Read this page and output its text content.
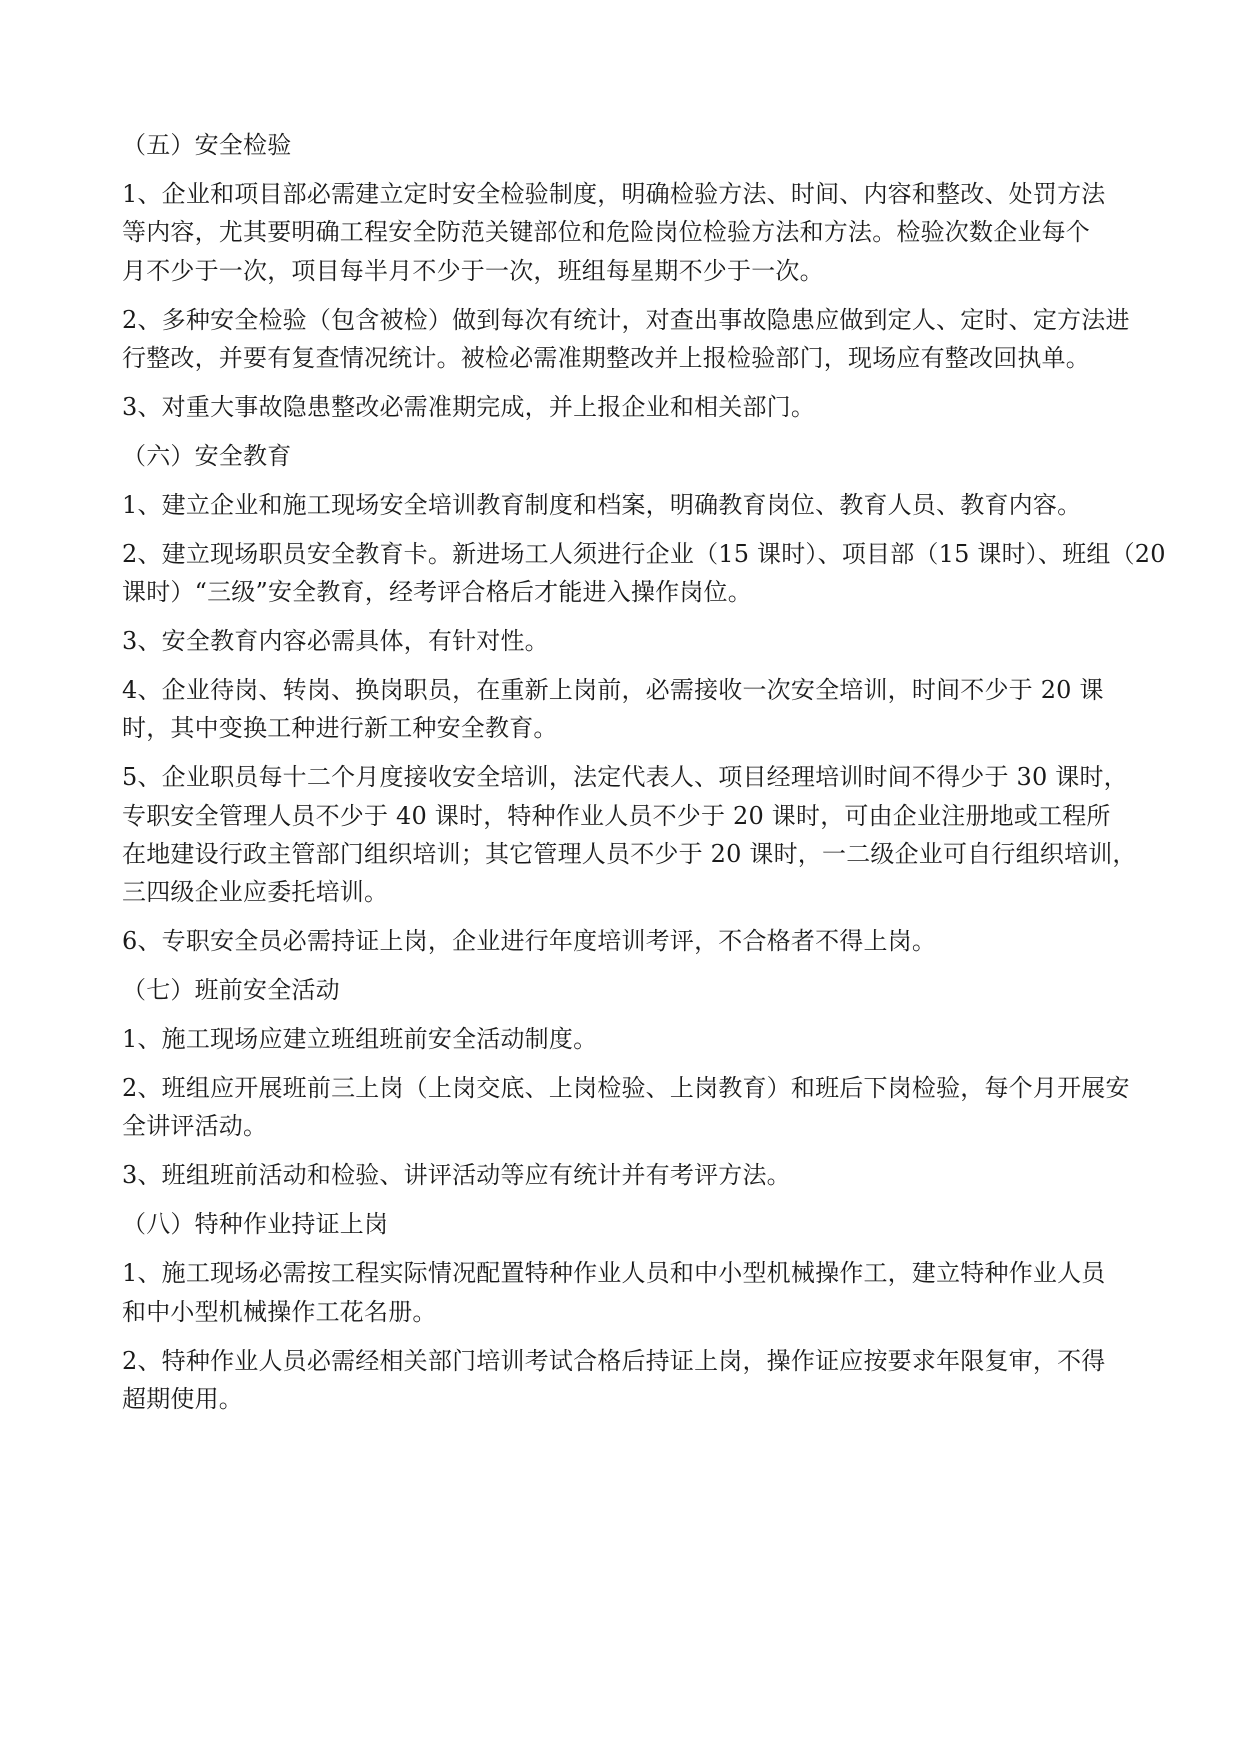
（五）安全检验

1、企业和项目部必需建立定时安全检验制度，明确检验方法、时间、内容和整改、处罚方法
等内容，尤其要明确工程安全防范关键部位和危险岗位检验方法和方法。检验次数企业每个
月不少于一次，项目每半月不少于一次，班组每星期不少于一次。

2、多种安全检验（包含被检）做到每次有统计，对查出事故隐患应做到定人、定时、定方法进
行整改，并要有复查情况统计。被检必需准期整改并上报检验部门，现场应有整改回执单。

3、对重大事故隐患整改必需准期完成，并上报企业和相关部门。

（六）安全教育

1、建立企业和施工现场安全培训教育制度和档案，明确教育岗位、教育人员、教育内容。

2、建立现场职员安全教育卡。新进场工人须进行企业（15 课时）、项目部（15 课时）、班组（20
课时）“三级”安全教育，经考评合格后才能进入操作岗位。

3、安全教育内容必需具体，有针对性。

4、企业待岗、转岗、换岗职员，在重新上岗前，必需接收一次安全培训，时间不少于 20 课
时，其中变换工种进行新工种安全教育。

5、企业职员每十二个月度接收安全培训，法定代表人、项目经理培训时间不得少于 30 课时，
专职安全管理人员不少于 40 课时，特种作业人员不少于 20 课时，可由企业注册地或工程所
在地建设行政主管部门组织培训；其它管理人员不少于 20 课时，一二级企业可自行组织培训，
三四级企业应委托培训。

6、专职安全员必需持证上岗，企业进行年度培训考评，不合格者不得上岗。

（七）班前安全活动

1、施工现场应建立班组班前安全活动制度。

2、班组应开展班前三上岗（上岗交底、上岗检验、上岗教育）和班后下岗检验，每个月开展安
全讲评活动。

3、班组班前活动和检验、讲评活动等应有统计并有考评方法。

（八）特种作业持证上岗

1、施工现场必需按工程实际情况配置特种作业人员和中小型机械操作工，建立特种作业人员
和中小型机械操作工花名册。

2、特种作业人员必需经相关部门培训考试合格后持证上岗，操作证应按要求年限复审，不得
超期使用。
